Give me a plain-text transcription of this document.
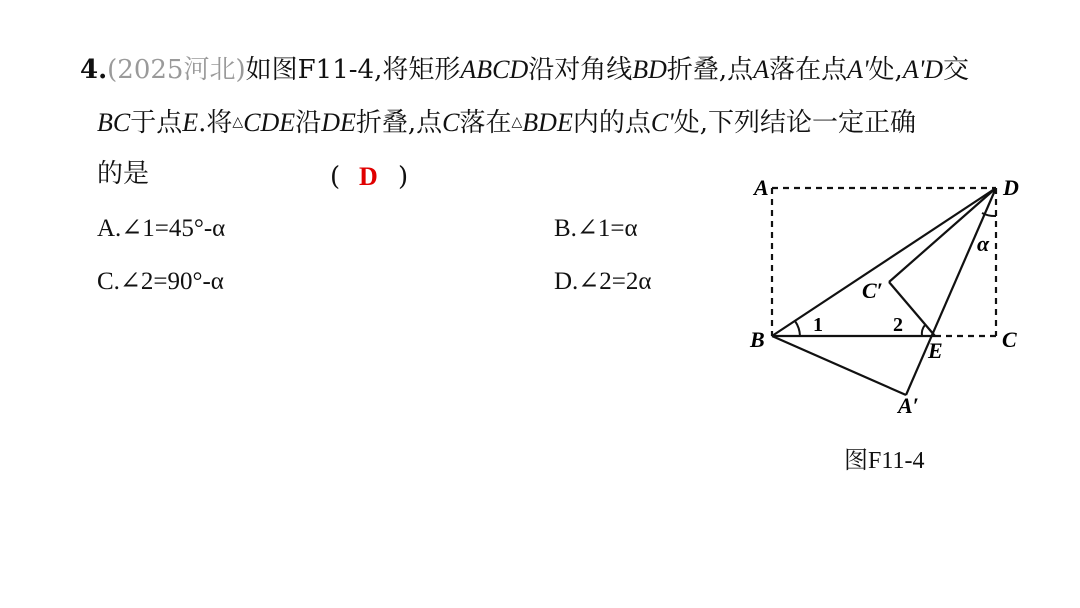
4.(2025河北)如图F11-4,将矩形ABCD沿对角线BD折叠,点A落在点A'处,A'D交
BC于点E.将△CDE沿DE折叠,点C落在△BDE内的点C'处,下列结论一定正确
的是	( D )
A.∠1=45°-α	B.∠1=α
C.∠2=90°-α	D.∠2=2α
A	D
B	C
E
A′
C′
1	2
α
图F11-4
